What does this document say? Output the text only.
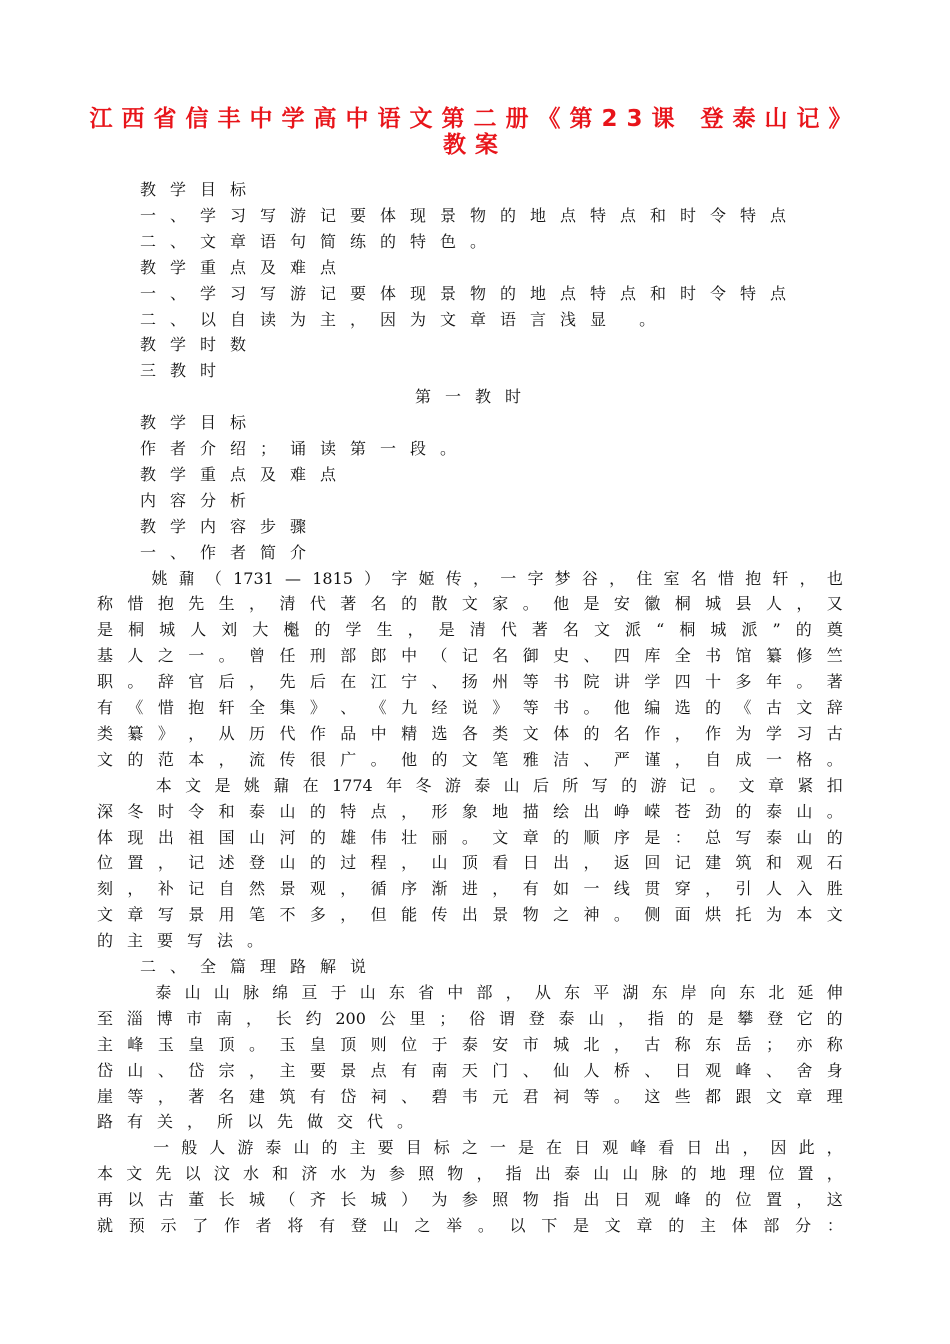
江西省信丰中学高中语文第二册《第23课 登泰山记》
教案
教学目标
一、学习写游记要体现景物的地点特点和时令特点
二、文章语句简练的特色。
教学重点及难点
一、学习写游记要体现景物的地点特点和时令特点
二、以自读为主，因为文章语言浅显 。
教学时数
三教时
第一教时
教学目标
作者介绍；诵读第一段。
教学重点及难点
内容分析
教学内容步骤
一、作者简介

姚 鼐 （ 1731 — 1815 ） 字 姬 传 ， 一 字 梦 谷 ， 住 室 名 惜 抱 轩 ， 也
称 惜 抱 先 生 ， 清 代 著 名 的 散 文 家 。 他 是 安 徽 桐 城 县 人 ， 又
是 桐 城 人 刘 大 櫆 的 学 生 ， 是 清 代 著 名 文 派 “ 桐 城 派 ” 的 奠
基 人 之 一 。 曾 任 刑 部 郎 中 （ 记 名 御 史 、 四 库 全 书 馆 纂 修 竺
职 。 辞 官 后 ， 先 后 在 江 宁 、 扬 州 等 书 院 讲 学 四 十 多 年 。 著
有 《 惜 抱 轩 全 集 》 、 《 九 经 说 》 等 书 。 他 编 选 的 《 古 文 辞
类 纂 》 ， 从 历 代 作 品 中 精 选 各 类 文 体 的 名 作 ， 作 为 学 习 古
文 的 范 本 ， 流 传 很 广 。 他 的 文 笔 雅 洁 、 严 谨 ， 自 成 一 格 。

本 文 是 姚 鼐 在 1774 年 冬 游 泰 山 后 所 写 的 游 记 。 文 章 紧 扣
深 冬 时 令 和 泰 山 的 特 点 ， 形 象 地 描 绘 出 峥 嵘 苍 劲 的 泰 山 。
体 现 出 祖 国 山 河 的 雄 伟 壮 丽 。 文 章 的 顺 序 是 ： 总 写 泰 山 的
位 置 ， 记 述 登 山 的 过 程 ， 山 顶 看 日 出 ， 返 回 记 建 筑 和 观 石
刻 ， 补 记 自 然 景 观 ， 循 序 渐 进 ， 有 如 一 线 贯 穿 ， 引 人 入 胜
文 章 写 景 用 笔 不 多 ， 但 能 传 出 景 物 之 神 。 侧 面 烘 托 为 本 文
的主要写法。
二、全篇理路解说

泰 山 山 脉 绵 亘 于 山 东 省 中 部 ， 从 东 平 湖 东 岸 向 东 北 延 伸
至 淄 博 市 南 ， 长 约 200 公 里 ； 俗 谓 登 泰 山 ， 指 的 是 攀 登 它 的
主 峰 玉 皇 顶 。 玉 皇 顶 则 位 于 泰 安 市 城 北 ， 古 称 东 岳 ； 亦 称
岱 山 、 岱 宗 ， 主 要 景 点 有 南 天 门 、 仙 人 桥 、 日 观 峰 、 舍 身
崖 等 ， 著 名 建 筑 有 岱 祠 、 碧 韦 元 君 祠 等 。 这 些 都 跟 文 章 理
路有关，所以先做交代。

一 般 人 游 泰 山 的 主 要 目 标 之 一 是 在 日 观 峰 看 日 出 ， 因 此 ，
本 文 先 以 汶 水 和 济 水 为 参 照 物 ， 指 出 泰 山 山 脉 的 地 理 位 置 ，
再 以 古 董 长 城 （ 齐 长 城 ） 为 参 照 物 指 出 日 观 峰 的 位 置 ， 这
就 预 示 了 作 者 将 有 登 山 之 举 。 以 下 是 文 章 的 主 体 部 分 ：
